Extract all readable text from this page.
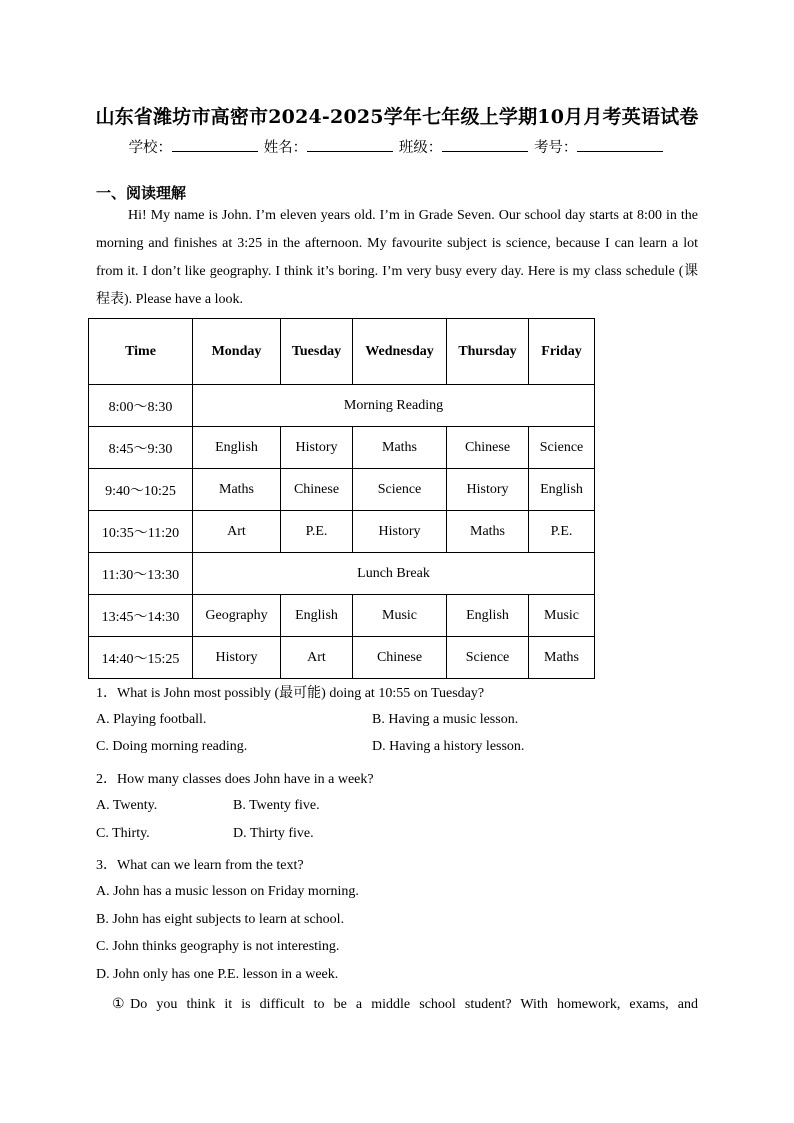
山东省潍坊市高密市2024-2025学年七年级上学期10月月考英语试卷
学校：	姓名：	班级：	考号：
一、阅读理解
Hi! My name is John. I’m eleven years old. I’m in Grade Seven. Our school day starts at 8:00 in the morning and finishes at 3:25 in the afternoon. My favourite subject is science, because I can learn a lot from it. I don’t like geography. I think it’s boring. I’m very busy every day. Here is my class schedule (课程表). Please have a look.
Time	Monday	Tuesday	Wednesday	Thursday	Friday
8:00～8:30	Morning Reading				
8:45～9:30	English	History	Maths	Chinese	Science
9:40～10:25	Maths	Chinese	Science	History	English
10:35～11:20	Art	P.E.	History	Maths	P.E.
11:30～13:30	Lunch Break				
13:45～14:30	Geography	English	Music	English	Music
14:40～15:25	History	Art	Chinese	Science	Maths
1．What is John most possibly (最可能) doing at 10:55 on Tuesday?
A. Playing football.	B. Having a music lesson.
C. Doing morning reading.	D. Having a history lesson.
2．How many classes does John have in a week?
A. Twenty.	B. Twenty five.
C. Thirty.	D. Thirty five.
3．What can we learn from the text?
A. John has a music lesson on Friday morning.
B. John has eight subjects to learn at school.
C. John thinks geography is not interesting.
D. John only has one P.E. lesson in a week.
①Do you think it is difficult to be a middle school student? With homework, exams, and
